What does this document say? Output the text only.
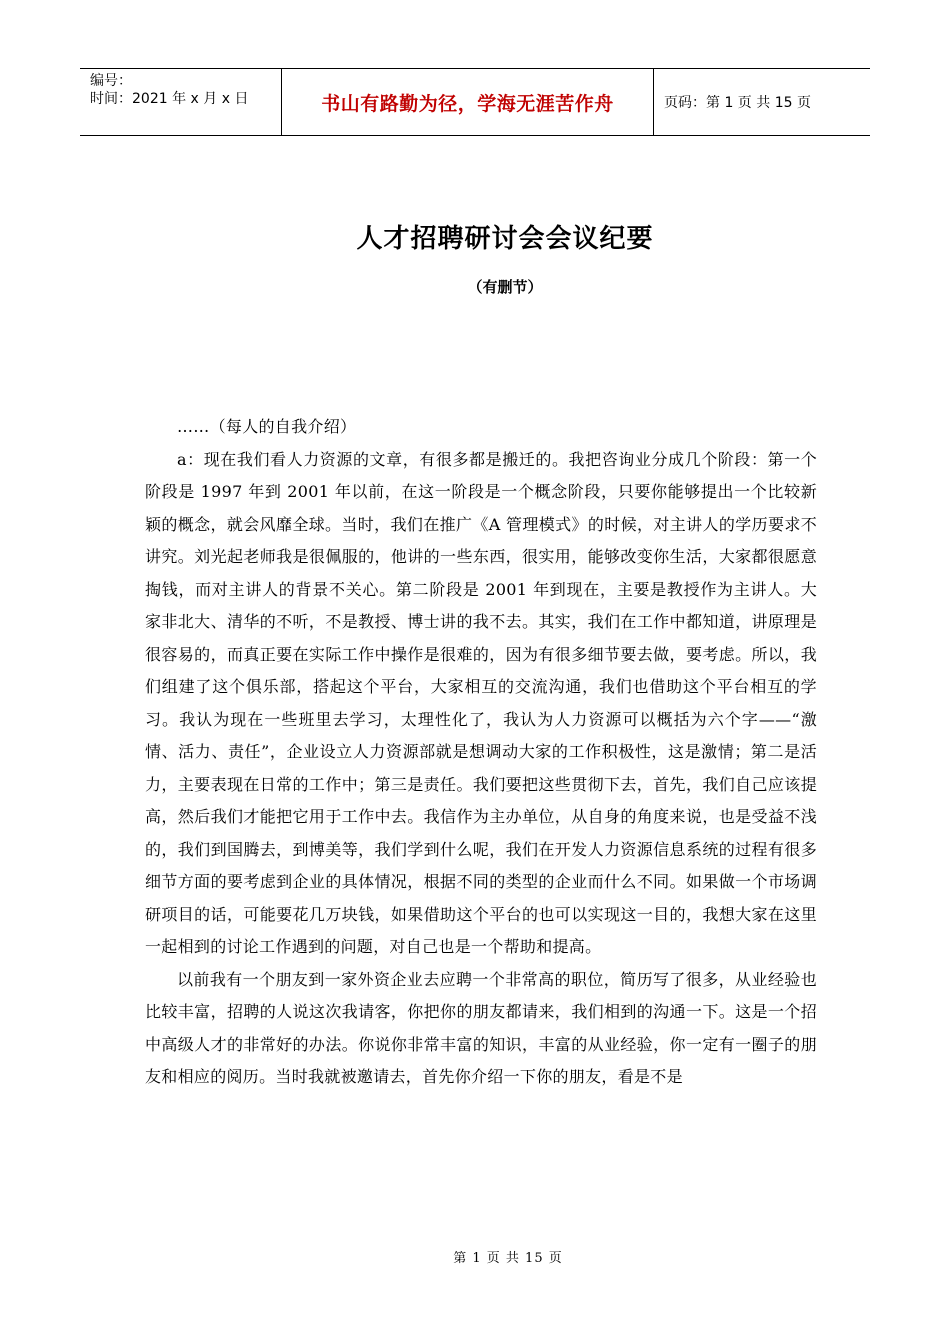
编号：
时间：2021 年 x 月 x 日	书山有路勤为径，学海无涯苦作舟	页码：第 1 页 共 15 页
人才招聘研讨会会议纪要
（有删节）

……（每人的自我介绍）

a：现在我们看人力资源的文章，有很多都是搬迁的。我把咨询业分成几个阶段：第一个阶段是 1997 年到 2001 年以前，在这一阶段是一个概念阶段，只要你能够提出一个比较新颖的概念，就会风靡全球。当时，我们在推广《A 管理模式》的时候，对主讲人的学历要求不讲究。刘光起老师我是很佩服的，他讲的一些东西，很实用，能够改变你生活，大家都很愿意掏钱，而对主讲人的背景不关心。第二阶段是 2001 年到现在，主要是教授作为主讲人。大家非北大、清华的不听，不是教授、博士讲的我不去。其实，我们在工作中都知道，讲原理是很容易的，而真正要在实际工作中操作是很难的，因为有很多细节要去做，要考虑。所以，我们组建了这个俱乐部，搭起这个平台，大家相互的交流沟通，我们也借助这个平台相互的学习。我认为现在一些班里去学习，太理性化了，我认为人力资源可以概括为六个字——“激情、活力、责任”，企业设立人力资源部就是想调动大家的工作积极性，这是激情；第二是活力，主要表现在日常的工作中；第三是责任。我们要把这些贯彻下去，首先，我们自己应该提高，然后我们才能把它用于工作中去。我信作为主办单位，从自身的角度来说，也是受益不浅的，我们到国腾去，到博美等，我们学到什么呢，我们在开发人力资源信息系统的过程有很多细节方面的要考虑到企业的具体情况，根据不同的类型的企业而什么不同。如果做一个市场调研项目的话，可能要花几万块钱，如果借助这个平台的也可以实现这一目的，我想大家在这里一起相到的讨论工作遇到的问题，对自己也是一个帮助和提高。

以前我有一个朋友到一家外资企业去应聘一个非常高的职位，简历写了很多，从业经验也比较丰富，招聘的人说这次我请客，你把你的朋友都请来，我们相到的沟通一下。这是一个招中高级人才的非常好的办法。你说你非常丰富的知识，丰富的从业经验，你一定有一圈子的朋友和相应的阅历。当时我就被邀请去，首先你介绍一下你的朋友，看是不是

第 1 页 共 15 页
